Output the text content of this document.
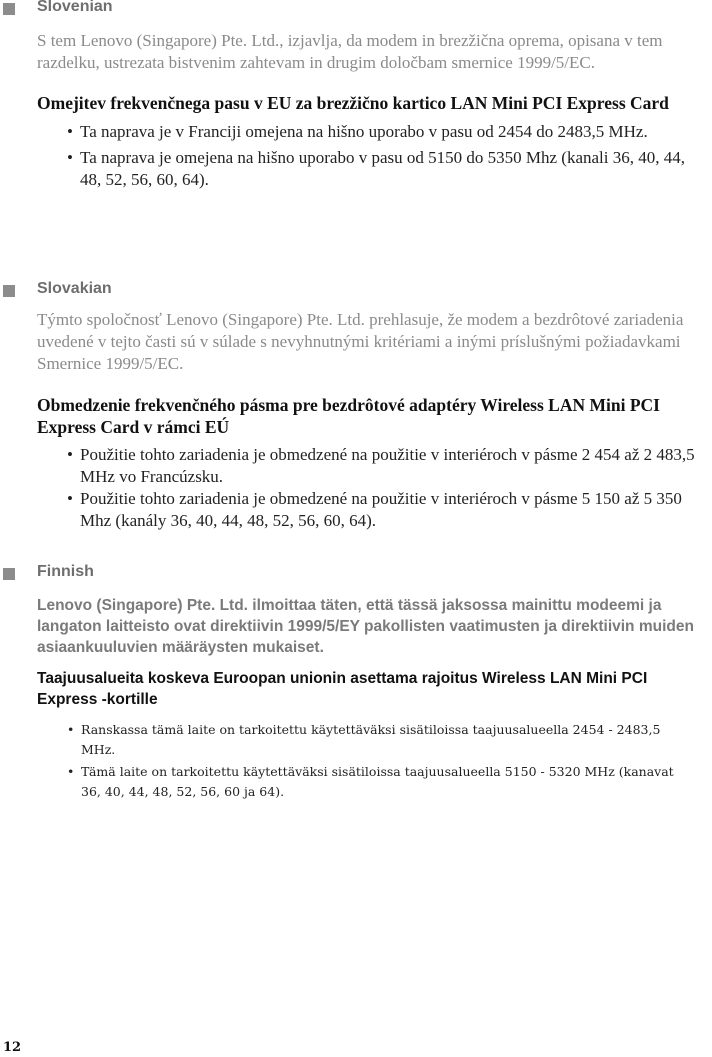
Slovenian

S tem Lenovo (Singapore) Pte. Ltd., izjavlja, da modem in brezžična oprema, opisana v tem razdelku, ustrezata bistvenim zahtevam in drugim določbam smernice 1999/5/EC.

Omejitev frekvenčnega pasu v EU za brezžično kartico LAN Mini PCI Express Card

• Ta naprava je v Franciji omejena na hišno uporabo v pasu od 2454 do 2483,5 MHz.
• Ta naprava je omejena na hišno uporabo v pasu od 5150 do 5350 Mhz (kanali 36, 40, 44, 48, 52, 56, 60, 64).
Slovakian

Týmto spoločnosť Lenovo (Singapore) Pte. Ltd. prehlasuje, že modem a bezdrôtové zariadenia uvedené v tejto časti sú v súlade s nevyhnutnými kritériami a inými príslušnými požiadavkami Smernice 1999/5/EC.

Obmedzenie frekvenčného pásma pre bezdrôtové adaptéry Wireless LAN Mini PCI Express Card v rámci EÚ

• Použitie tohto zariadenia je obmedzené na použitie v interiéroch v pásme 2 454 až 2 483,5 MHz vo Francúzsku.
• Použitie tohto zariadenia je obmedzené na použitie v interiéroch v pásme 5 150 až 5 350 Mhz (kanály 36, 40, 44, 48, 52, 56, 60, 64).
Finnish

Lenovo (Singapore) Pte. Ltd. ilmoittaa täten, että tässä jaksossa mainittu modeemi ja langaton laitteisto ovat direktiivin 1999/5/EY pakollisten vaatimusten ja direktiivin muiden asiaankuuluvien määräysten mukaiset.

Taajuusalueita koskeva Euroopan unionin asettama rajoitus Wireless LAN Mini PCI Express -kortille

• Ranskassa tämä laite on tarkoitettu käytettäväksi sisätiloissa taajuusalueella 2454 - 2483,5 MHz.
• Tämä laite on tarkoitettu käytettäväksi sisätiloissa taajuusalueella 5150 - 5320 MHz (kanavat 36, 40, 44, 48, 52, 56, 60 ja 64).
12
